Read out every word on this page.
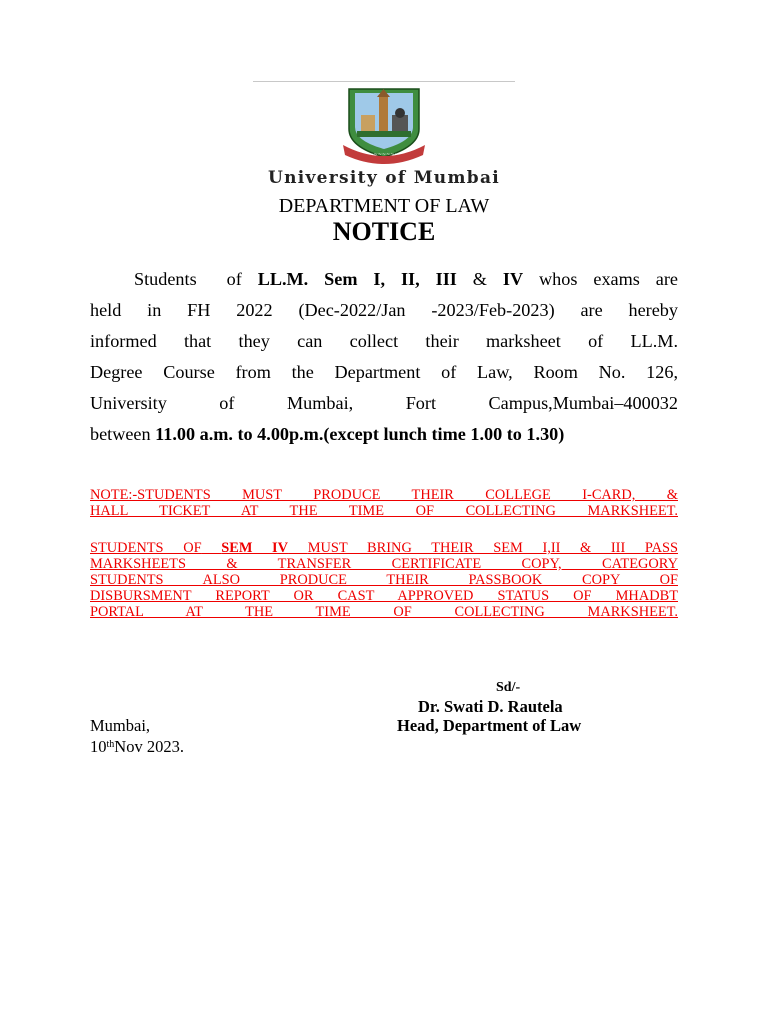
~~~~~~~
University of Mumbai
DEPARTMENT OF LAW
NOTICE
Students of LL.M. Sem I, II, III & IV whos exams are
held in FH 2022 (Dec-2022/Jan -2023/Feb-2023) are hereby
informed that they can collect their marksheet of LL.M.
Degree Course from the Department of Law, Room No. 126,
University of Mumbai, Fort Campus,Mumbai–400032
between 11.00 a.m. to 4.00p.m.(except lunch time 1.00 to 1.30)
NOTE:-STUDENTS MUST PRODUCE THEIR COLLEGE I-CARD, &
HALL TICKET AT THE TIME OF COLLECTING MARKSHEET.
STUDENTS OF SEM IV MUST BRING THEIR SEM I,II & III PASS
MARKSHEETS & TRANSFER CERTIFICATE COPY, CATEGORY
STUDENTS ALSO PRODUCE THEIR PASSBOOK COPY OF
DISBURSMENT REPORT OR CAST APPROVED STATUS OF MHADBT
PORTAL AT THE TIME OF COLLECTING MARKSHEET.
Sd/-
Dr. Swati D. Rautela
Head, Department of Law
Mumbai,
10thNov 2023.
